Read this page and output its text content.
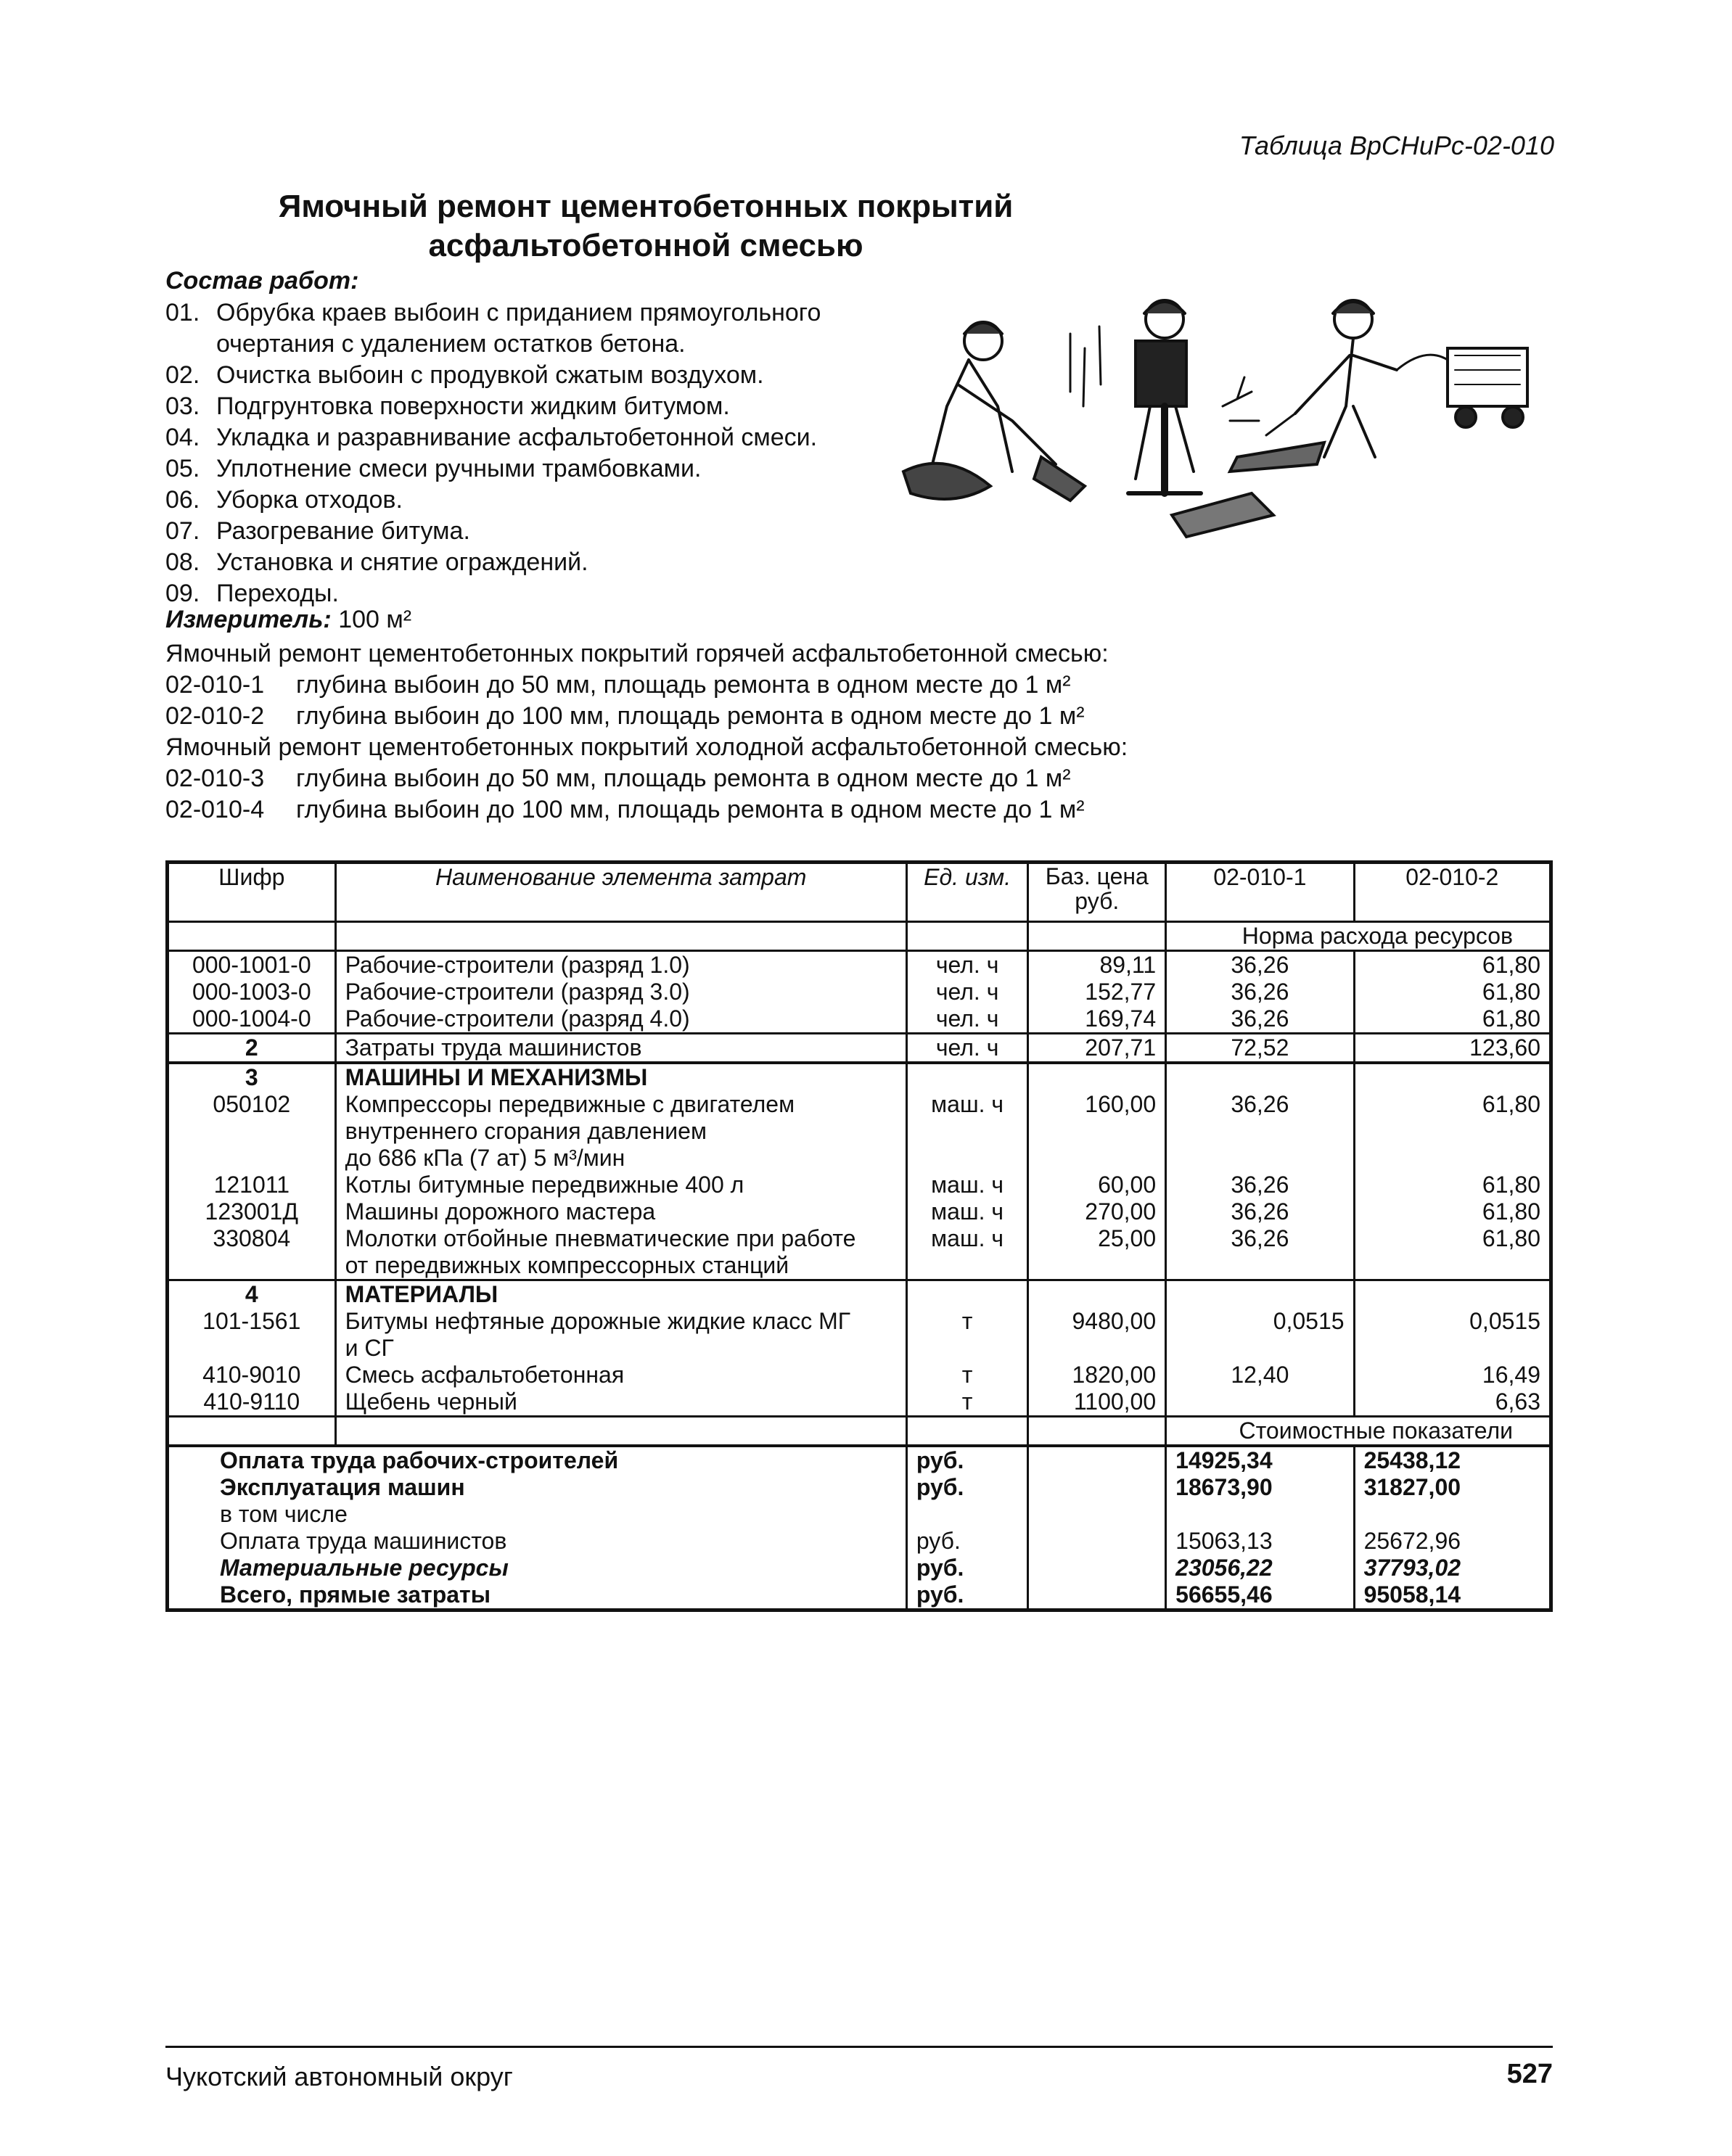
Таблица ВрСНиРс-02-010
Ямочный ремонт цементобетонных покрытий
асфальтобетонной смесью
Состав работ:
01. Обрубка краев выбоин с приданием прямоугольного очертания с удалением остатков бетона.
02. Очистка выбоин с продувкой сжатым воздухом.
03. Подгрунтовка поверхности жидким битумом.
04. Укладка и разравнивание асфальтобетонной смеси.
05. Уплотнение смеси ручными трамбовками.
06. Уборка отходов.
07. Разогревание битума.
08. Установка и снятие ограждений.
09. Переходы.
Измеритель: 100 м²
Ямочный ремонт цементобетонных покрытий горячей асфальтобетонной смесью:
02-010-1 глубина выбоин до 50 мм, площадь ремонта в одном месте до 1 м²
02-010-2 глубина выбоин до 100 мм, площадь ремонта в одном месте до 1 м²
Ямочный ремонт цементобетонных покрытий холодной асфальтобетонной смесью:
02-010-3 глубина выбоин до 50 мм, площадь ремонта в одном месте до 1 м²
02-010-4 глубина выбоин до 100 мм, площадь ремонта в одном месте до 1 м²
Шифр	Наименование элемента затрат	Ед. изм.	Баз. цена руб.	02-010-1	02-010-2
				Норма расхода ресурсов	
000-1001-0	Рабочие-строители (разряд 1.0)	чел. ч	89,11	36,26	61,80
000-1003-0	Рабочие-строители (разряд 3.0)	чел. ч	152,77	36,26	61,80
000-1004-0	Рабочие-строители (разряд 4.0)	чел. ч	169,74	36,26	61,80
2	Затраты труда машинистов	чел. ч	207,71	72,52	123,60
3	МАШИНЫ И МЕХАНИЗМЫ				
050102	Компрессоры передвижные с двигателем
внутреннего сгорания давлением
до 686 кПа (7 ат) 5 м³/мин	маш. ч	160,00	36,26	61,80
121011	Котлы битумные передвижные 400 л	маш. ч	60,00	36,26	61,80
123001Д	Машины дорожного мастера	маш. ч	270,00	36,26	61,80
330804	Молотки отбойные пневматические при работе
от передвижных компрессорных станций	маш. ч	25,00	36,26	61,80
4	МАТЕРИАЛЫ				
101-1561	Битумы нефтяные дорожные жидкие класс МГ
и СГ	т	9480,00	0,0515	0,0515
410-9010	Смесь асфальтобетонная	т	1820,00	12,40	16,49
410-9110	Щебень черный	т	1100,00		6,63
				Стоимостные показатели	
Оплата труда рабочих-строителей		руб.		14925,34	25438,12
Эксплуатация машин		руб.		18673,90	31827,00
в том числе					
Оплата труда машинистов		руб.		15063,13	25672,96
Материальные ресурсы		руб.		23056,22	37793,02
Всего, прямые затраты		руб.		56655,46	95058,14
Чукотский автономный округ	527
